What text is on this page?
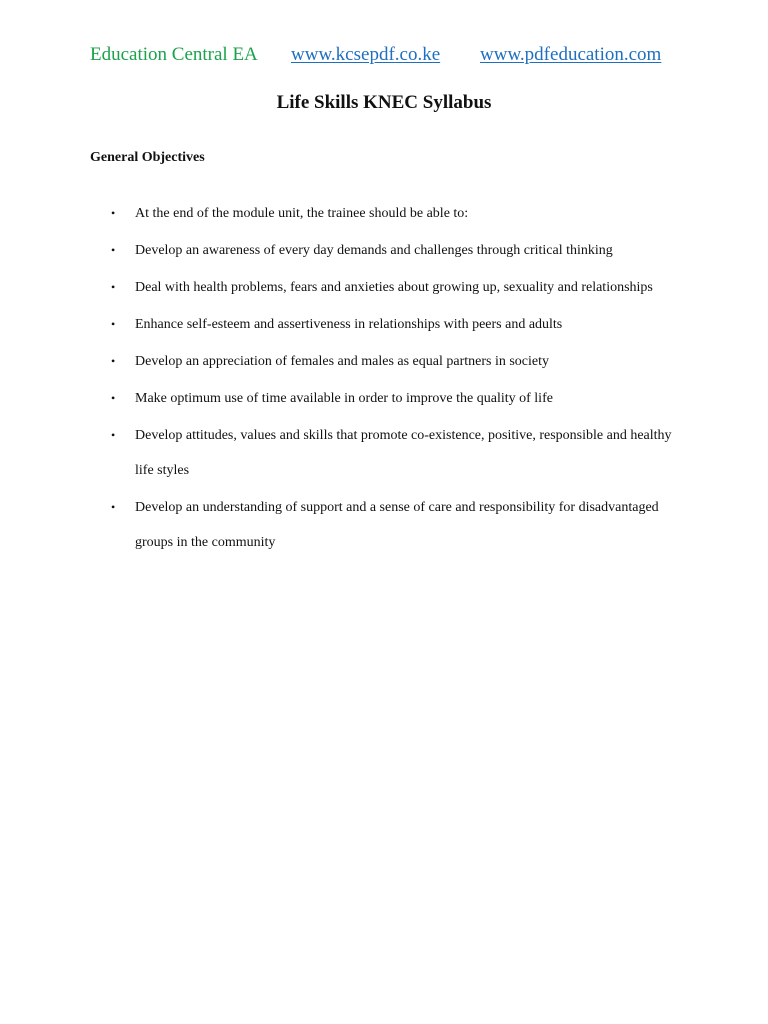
Education Central EA www.kcsepdf.co.ke www.pdfeducation.com
Life Skills KNEC Syllabus
General Objectives
• At the end of the module unit, the trainee should be able to:
• Develop an awareness of every day demands and challenges through critical thinking
• Deal with health problems, fears and anxieties about growing up, sexuality and relationships
• Enhance self-esteem and assertiveness in relationships with peers and adults
• Develop an appreciation of females and males as equal partners in society
• Make optimum use of time available in order to improve the quality of life
• Develop attitudes, values and skills that promote co-existence, positive, responsible and healthy life styles
• Develop an understanding of support and a sense of care and responsibility for disadvantaged groups in the community
